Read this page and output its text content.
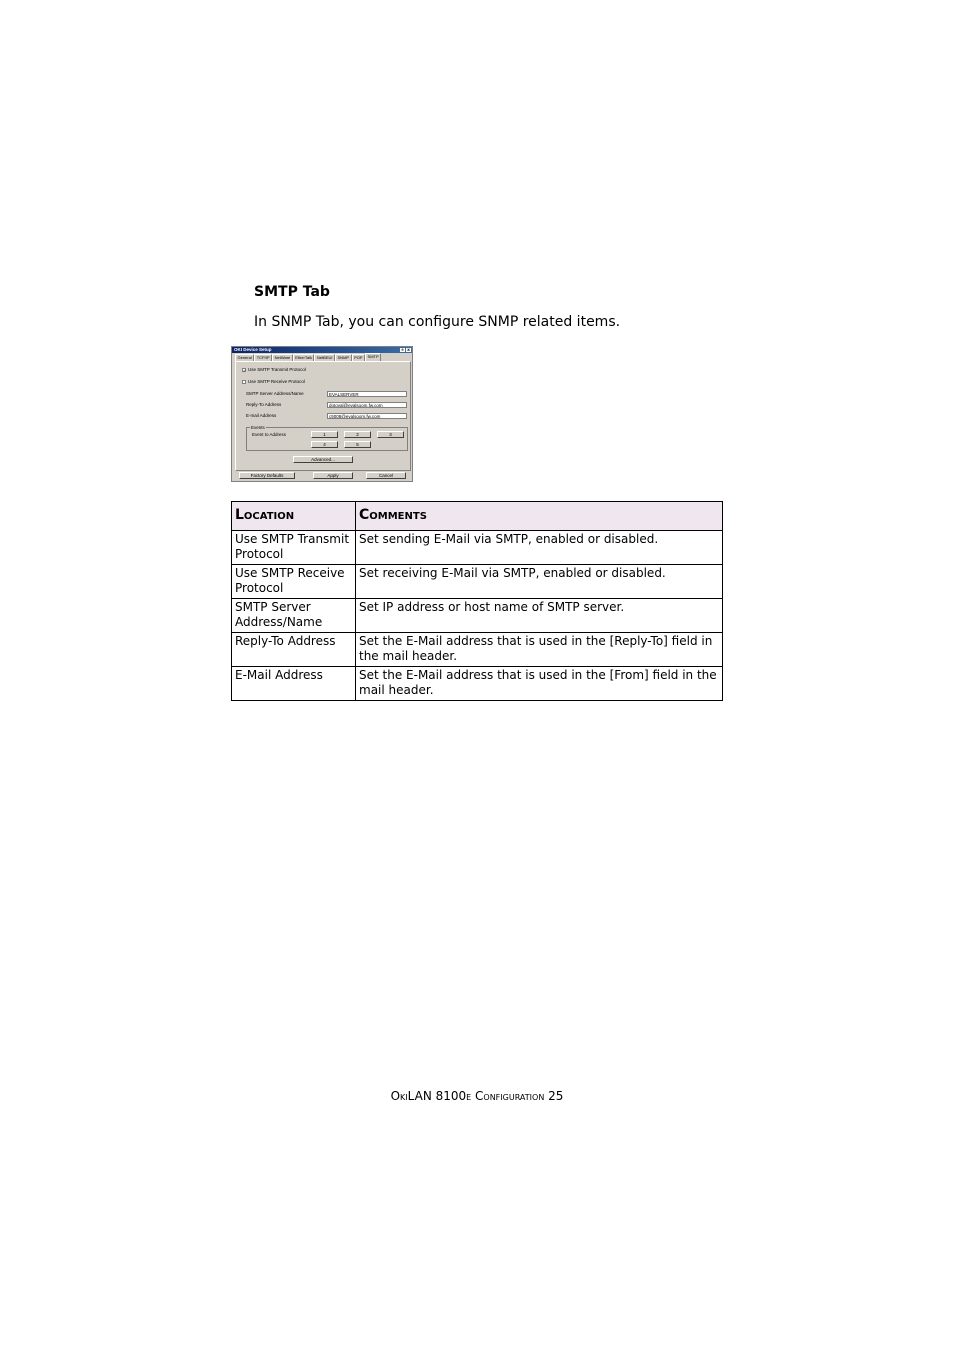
SMTP Tab
In SNMP Tab, you can configure SNMP related items.
OKI Device Setup	?	X
General	TCP/IP	NetWare	EtherTalk	NetBEUI	SNMP	POP	SMTP
✓ Use SMTP Transmit Protocol
Use SMTP Receive Protocol
SMTP Server Address/Name	EVALSERVER
Reply-To Address	dotoval@evalsoom.fw.com
E-mail Address	c5008@evalsoom.fw.com
Events
Event to Address	1	2	3
4	5
Advanced...
Factory Defaults	Apply	Cancel
Location	Comments
Use SMTP Transmit Protocol	Set sending E-Mail via SMTP, enabled or disabled.
Use SMTP Receive Protocol	Set receiving E-Mail via SMTP, enabled or disabled.
SMTP Server Address/Name	Set IP address or host name of SMTP server.
Reply-To Address	Set the E-Mail address that is used in the [Reply-To] field in the mail header.
E-Mail Address	Set the E-Mail address that is used in the [From] field in the mail header.
OkiLAN 8100e Configuration 25
